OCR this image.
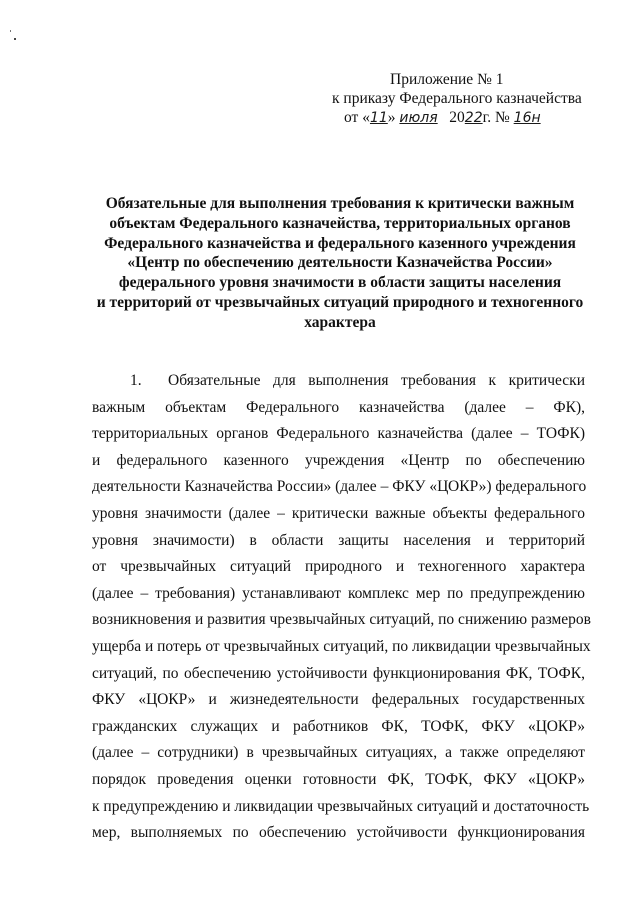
Приложение № 1
к приказу Федерального казначейства
от «11» июля 2022г. № 16н
Обязательные для выполнения требования к критически важным
объектам Федерального казначейства, территориальных органов
Федерального казначейства и федерального казенного учреждения
«Центр по обеспечению деятельности Казначейства России»
федерального уровня значимости в области защиты населения
и территорий от чрезвычайных ситуаций природного и техногенного
характера
1. Обязательные для выполнения требования к критически
важным объектам Федерального казначейства (далее – ФК),
территориальных органов Федерального казначейства (далее – ТОФК)
и федерального казенного учреждения «Центр по обеспечению
деятельности Казначейства России» (далее – ФКУ «ЦОКР») федерального
уровня значимости (далее – критически важные объекты федерального
уровня значимости) в области защиты населения и территорий
от чрезвычайных ситуаций природного и техногенного характера
(далее – требования) устанавливают комплекс мер по предупреждению
возникновения и развития чрезвычайных ситуаций, по снижению размеров
ущерба и потерь от чрезвычайных ситуаций, по ликвидации чрезвычайных
ситуаций, по обеспечению устойчивости функционирования ФК, ТОФК,
ФКУ «ЦОКР» и жизнедеятельности федеральных государственных
гражданских служащих и работников ФК, ТОФК, ФКУ «ЦОКР»
(далее – сотрудники) в чрезвычайных ситуациях, а также определяют
порядок проведения оценки готовности ФК, ТОФК, ФКУ «ЦОКР»
к предупреждению и ликвидации чрезвычайных ситуаций и достаточность
мер, выполняемых по обеспечению устойчивости функционирования
